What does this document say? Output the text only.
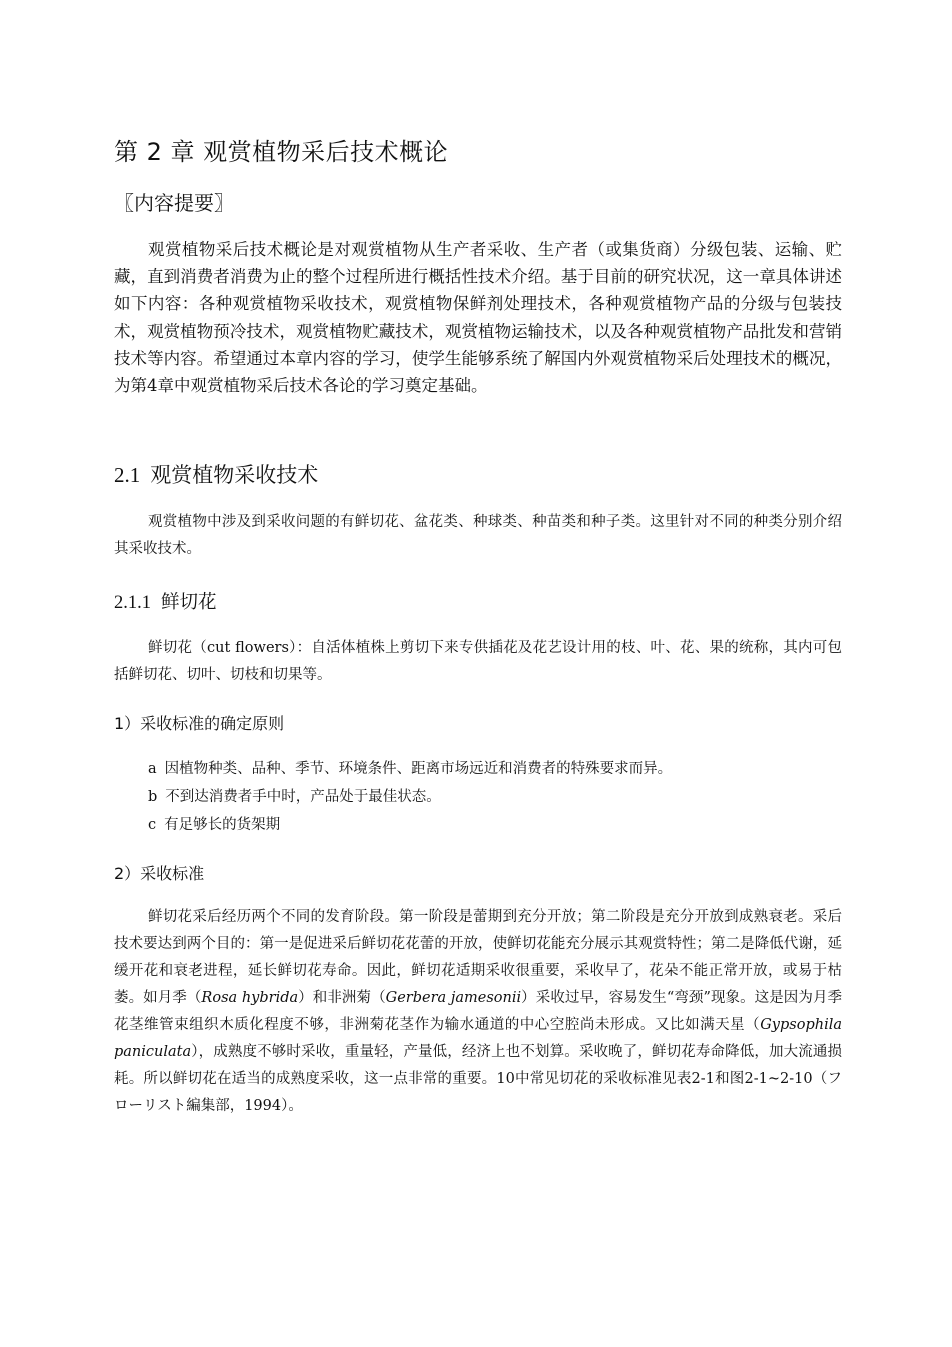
第 2 章 观赏植物采后技术概论
〖内容提要〗

观赏植物采后技术概论是对观赏植物从生产者采收、生产者（或集货商）分级包装、运输、贮藏，直到消费者消费为止的整个过程所进行概括性技术介绍。基于目前的研究状况，这一章具体讲述如下内容：各种观赏植物采收技术，观赏植物保鲜剂处理技术，各种观赏植物产品的分级与包装技术，观赏植物预冷技术，观赏植物贮藏技术，观赏植物运输技术，以及各种观赏植物产品批发和营销技术等内容。希望通过本章内容的学习，使学生能够系统了解国内外观赏植物采后处理技术的概况，为第4章中观赏植物采后技术各论的学习奠定基础。

2.1 观赏植物采收技术

观赏植物中涉及到采收问题的有鲜切花、盆花类、种球类、种苗类和种子类。这里针对不同的种类分别介绍其采收技术。

2.1.1 鲜切花

鲜切花（cut flowers）：自活体植株上剪切下来专供插花及花艺设计用的枝、叶、花、果的统称，其内可包括鲜切花、切叶、切枝和切果等。

1）采收标准的确定原则
a 因植物种类、品种、季节、环境条件、距离市场远近和消费者的特殊要求而异。
b 不到达消费者手中时，产品处于最佳状态。
c 有足够长的货架期
2）采收标准

鲜切花采后经历两个不同的发育阶段。第一阶段是蕾期到充分开放；第二阶段是充分开放到成熟衰老。采后技术要达到两个目的：第一是促进采后鲜切花花蕾的开放，使鲜切花能充分展示其观赏特性；第二是降低代谢，延缓开花和衰老进程，延长鲜切花寿命。因此，鲜切花适期采收很重要，采收早了，花朵不能正常开放，或易于枯萎。如月季（Rosa hybrida）和非洲菊（Gerbera jamesonii）采收过早，容易发生“弯颈”现象。这是因为月季花茎维管束组织木质化程度不够，非洲菊花茎作为输水通道的中心空腔尚未形成。又比如满天星（Gypsophila paniculata），成熟度不够时采收，重量轻，产量低，经济上也不划算。采收晚了，鲜切花寿命降低，加大流通损耗。所以鲜切花在适当的成熟度采收，这一点非常的重要。10中常见切花的采收标准见表2-1和图2-1~2-10（フローリスト編集部，1994）。
